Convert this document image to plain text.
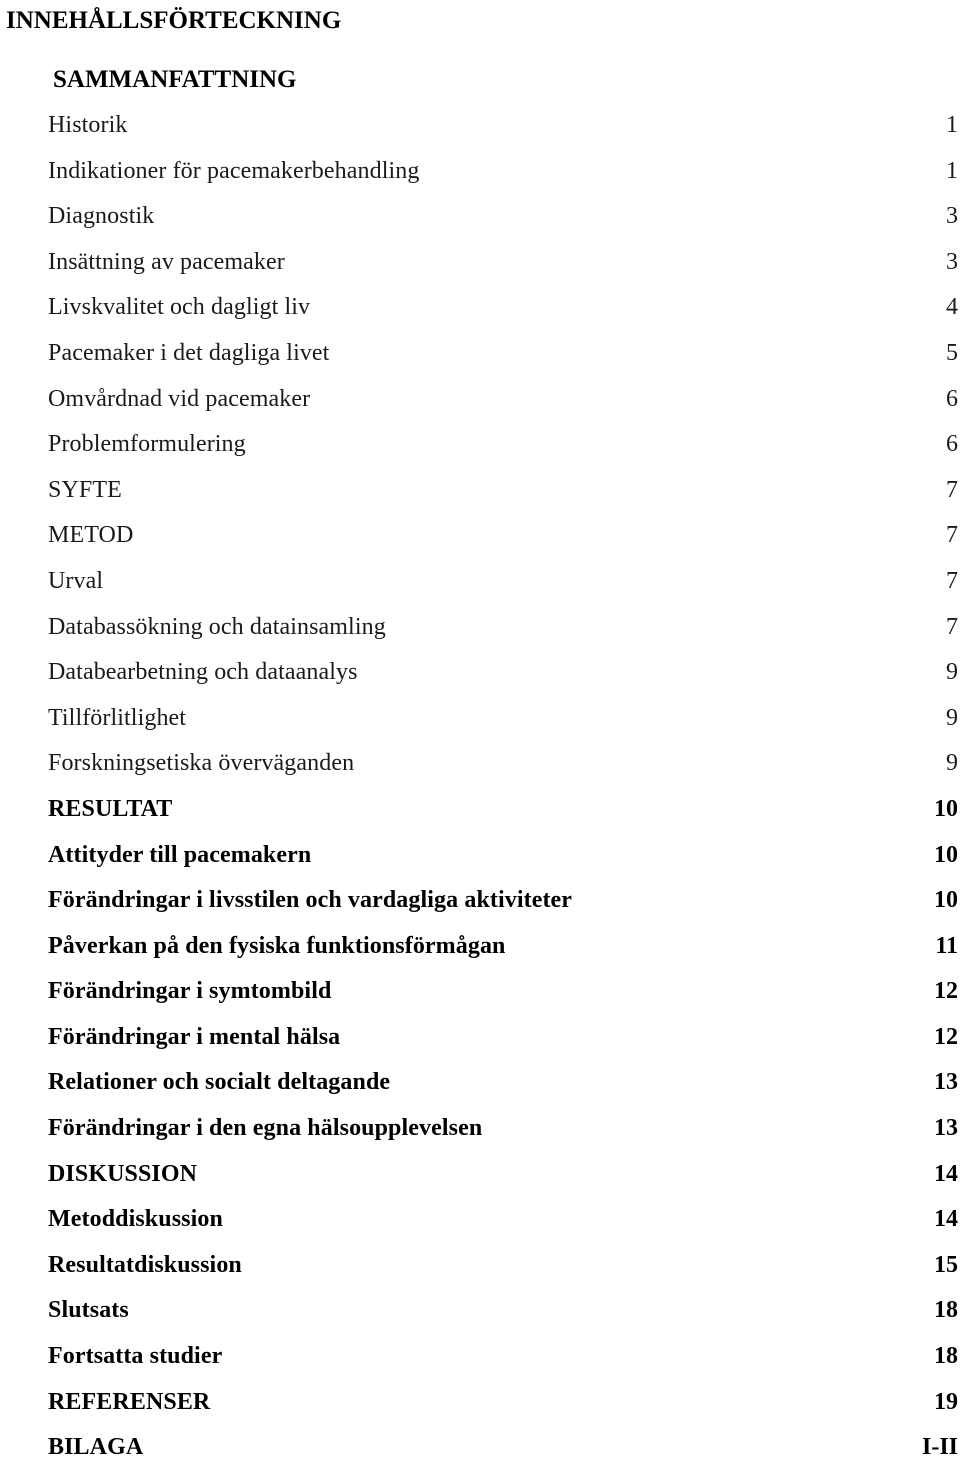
INNEHÅLLSFÖRTECKNING
SAMMANFATTNING
Historik	1
Indikationer för pacemakerbehandling	1
Diagnostik	3
Insättning av pacemaker	3
Livskvalitet och dagligt liv	4
Pacemaker i det dagliga livet	5
Omvårdnad vid pacemaker	6
Problemformulering	6
SYFTE	7
METOD	7
Urval	7
Databassökning och datainsamling	7
Databearbetning och dataanalys	9
Tillförlitlighet	9
Forskningsetiska överväganden	9
RESULTAT	10
Attityder till pacemakern	10
Förändringar i livsstilen och vardagliga aktiviteter	10
Påverkan på den fysiska funktionsförmågan	11
Förändringar i symtombild	12
Förändringar i mental hälsa	12
Relationer och socialt deltagande	13
Förändringar i den egna hälsoupplevelsen	13
DISKUSSION	14
Metoddiskussion	14
Resultatdiskussion	15
Slutsats	18
Fortsatta studier	18
REFERENSER	19
BILAGA	I-II
